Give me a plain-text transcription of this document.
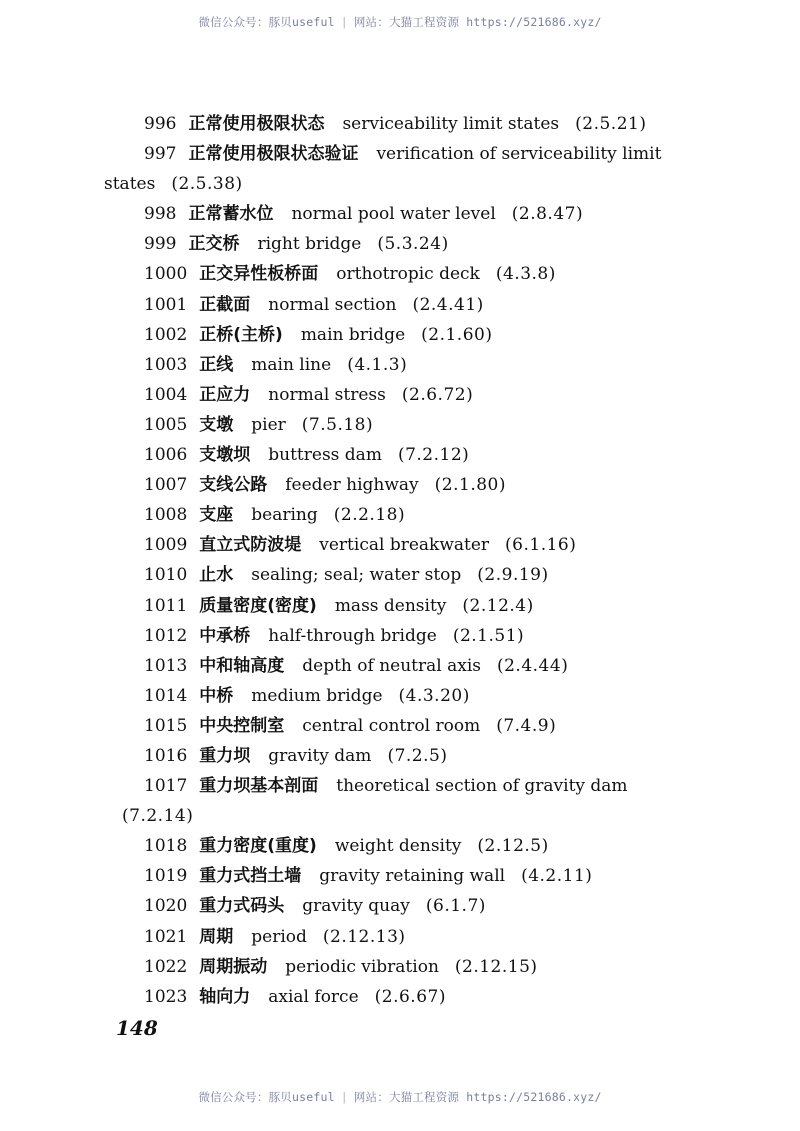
微信公众号：豚贝useful | 网站：大猫工程资源 https://521686.xyz/
996 正常使用极限状态 serviceability limit states (2.5.21)
997 正常使用极限状态验证 verification of serviceability limit
states (2.5.38)
998 正常蓄水位 normal pool water level (2.8.47)
999 正交桥 right bridge (5.3.24)
1000 正交异性板桥面 orthotropic deck (4.3.8)
1001 正截面 normal section (2.4.41)
1002 正桥(主桥) main bridge (2.1.60)
1003 正线 main line (4.1.3)
1004 正应力 normal stress (2.6.72)
1005 支墩 pier (7.5.18)
1006 支墩坝 buttress dam (7.2.12)
1007 支线公路 feeder highway (2.1.80)
1008 支座 bearing (2.2.18)
1009 直立式防波堤 vertical breakwater (6.1.16)
1010 止水 sealing; seal; water stop (2.9.19)
1011 质量密度(密度) mass density (2.12.4)
1012 中承桥 half-through bridge (2.1.51)
1013 中和轴高度 depth of neutral axis (2.4.44)
1014 中桥 medium bridge (4.3.20)
1015 中央控制室 central control room (7.4.9)
1016 重力坝 gravity dam (7.2.5)
1017 重力坝基本剖面 theoretical section of gravity dam
(7.2.14)
1018 重力密度(重度) weight density (2.12.5)
1019 重力式挡土墙 gravity retaining wall (4.2.11)
1020 重力式码头 gravity quay (6.1.7)
1021 周期 period (2.12.13)
1022 周期振动 periodic vibration (2.12.15)
1023 轴向力 axial force (2.6.67)
148
微信公众号：豚贝useful | 网站：大猫工程资源 https://521686.xyz/
